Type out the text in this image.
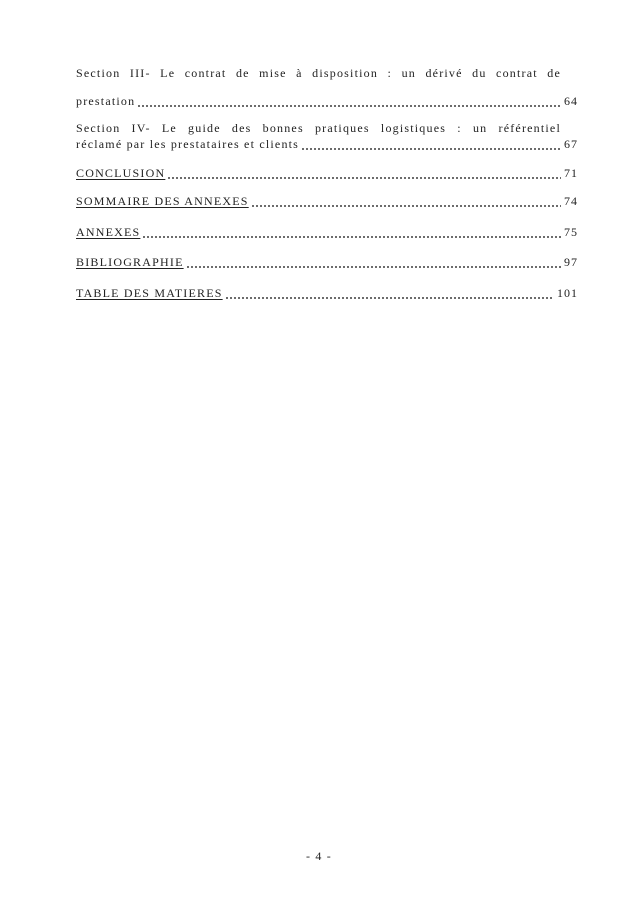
Section III- Le contrat de mise à disposition : un dérivé du contrat de
prestation	64
Section IV- Le guide des bonnes pratiques logistiques : un référentiel
réclamé par les prestataires et clients	67
CONCLUSION	71
SOMMAIRE DES ANNEXES	74
ANNEXES	75
BIBLIOGRAPHIE	97
TABLE DES MATIERES	101
- 4 -
